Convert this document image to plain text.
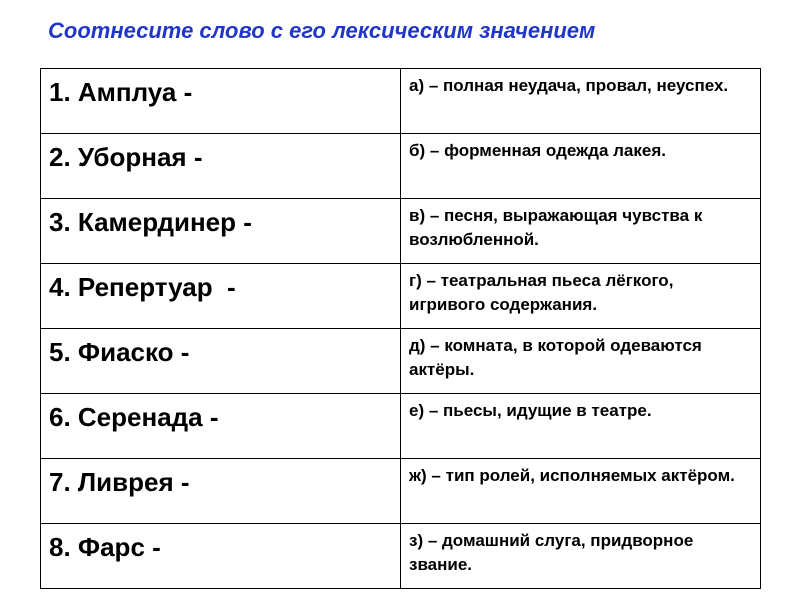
Соотнесите слово с его лексическим значением
1. Амплуа -	а) – полная неудача, провал, неуспех.

2. Уборная -	б) – форменная одежда лакея.

3. Камердинер -	в) – песня, выражающая чувства к возлюбленной.

4. Репертуар  -	г) – театральная пьеса лёгкого, игривого содержания.

5. Фиаско -	д) – комната, в которой одеваются актёры.

6. Серенада -	е) – пьесы, идущие в театре.

7. Ливрея -	ж) – тип ролей, исполняемых актёром.

8. Фарс -	з) – домашний слуга, придворное звание.
